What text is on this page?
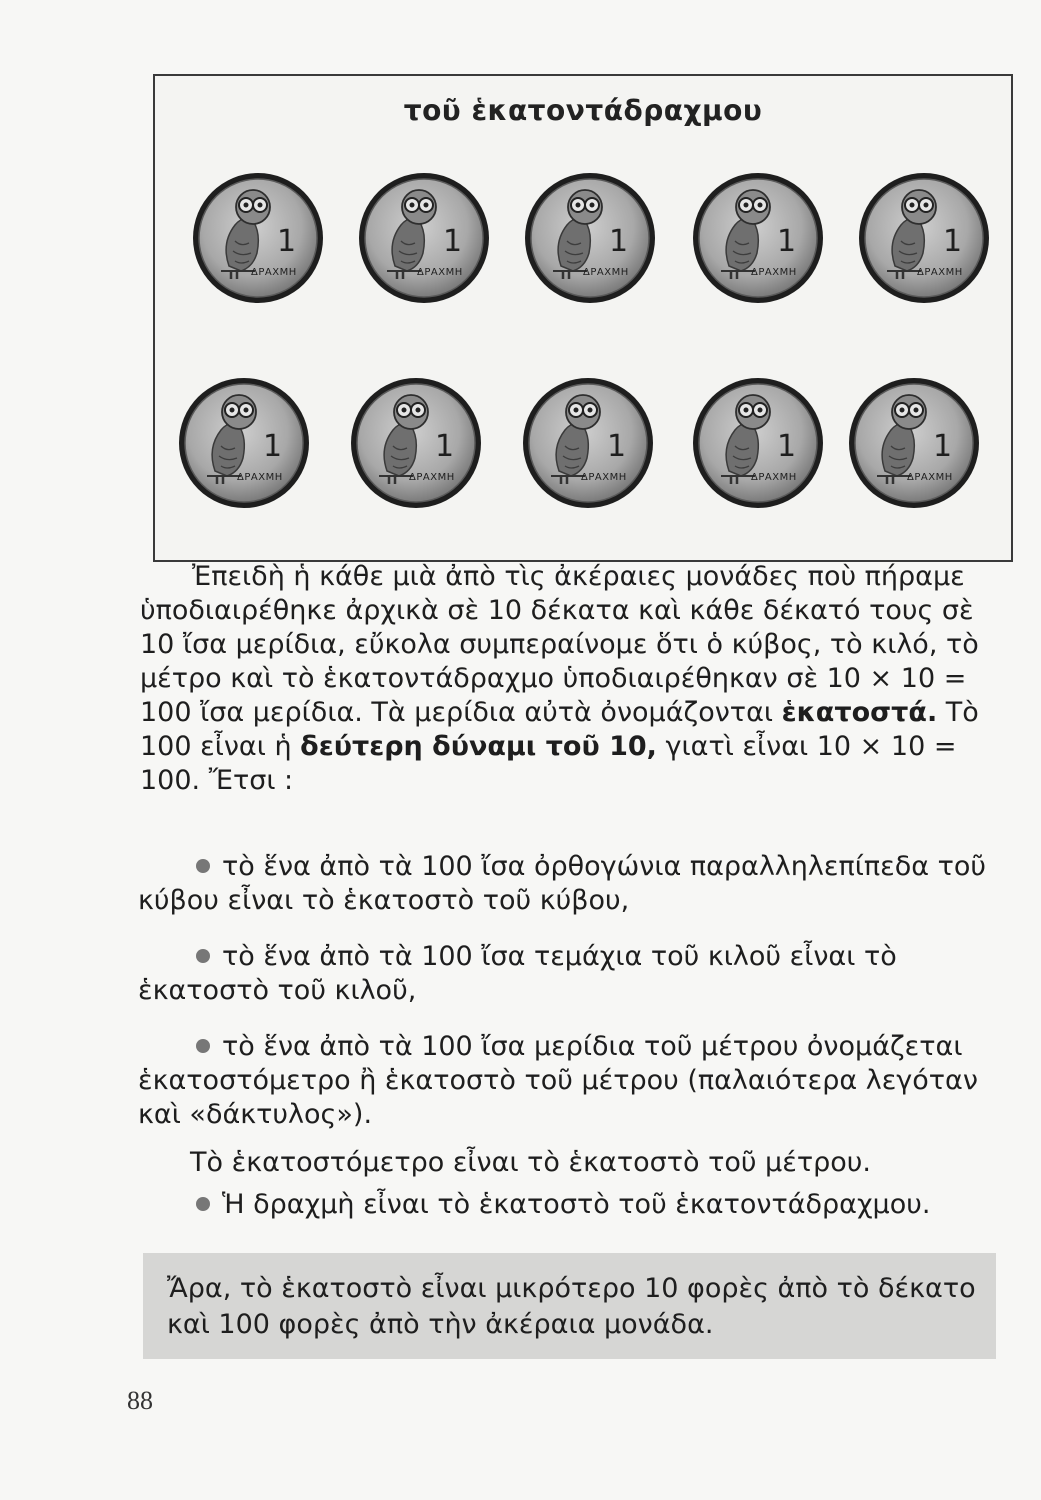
τοῦ ἑκατοντάδραχμου
1
ΔΡΑΧΜΗ
1
ΔΡΑΧΜΗ
1
ΔΡΑΧΜΗ
1
ΔΡΑΧΜΗ
1
ΔΡΑΧΜΗ
1
ΔΡΑΧΜΗ
1
ΔΡΑΧΜΗ
1
ΔΡΑΧΜΗ
1
ΔΡΑΧΜΗ
1
ΔΡΑΧΜΗ

Ἐπειδὴ ἡ κάθε μιὰ ἀπὸ τὶς ἀκέραιες μονάδες ποὺ πήραμε ὑποδιαιρέθηκε ἀρχικὰ σὲ 10 δέκατα καὶ κάθε δέκατό τους σὲ 10 ἴσα μερίδια, εὔκολα συμπεραίνομε ὅτι ὁ κύβος, τὸ κιλό, τὸ μέτρο καὶ τὸ ἑκατοντάδραχμο ὑποδιαιρέθηκαν σὲ 10 × 10 = 100 ἴσα μερίδια. Τὰ μερίδια αὐτὰ ὀνομάζονται ἑκατοστά. Τὸ 100 εἶναι ἡ δεύτερη δύναμι τοῦ 10, γιατὶ εἶναι 10 × 10 = 100. Ἔτσι :

τὸ ἕνα ἀπὸ τὰ 100 ἴσα ὀρθογώνια παραλληλεπίπεδα τοῦ κύβου εἶναι τὸ ἑκατοστὸ τοῦ κύβου,

τὸ ἕνα ἀπὸ τὰ 100 ἴσα τεμάχια τοῦ κιλοῦ εἶναι τὸ ἑκατοστὸ τοῦ κιλοῦ,

τὸ ἕνα ἀπὸ τὰ 100 ἴσα μερίδια τοῦ μέτρου ὀνομάζεται ἑκατοστόμετρο ἢ ἑκατοστὸ τοῦ μέτρου (παλαιότερα λεγόταν καὶ «δάκτυλος»).

Τὸ ἑκατοστόμετρο εἶναι τὸ ἑκατοστὸ τοῦ μέτρου.

Ἡ δραχμὴ εἶναι τὸ ἑκατοστὸ τοῦ ἑκατοντάδραχμου.

Ἄρα, τὸ ἑκατοστὸ εἶναι μικρότερο 10 φορὲς ἀπὸ τὸ δέκατο καὶ 100 φορὲς ἀπὸ τὴν ἀκέραια μονάδα.
88
